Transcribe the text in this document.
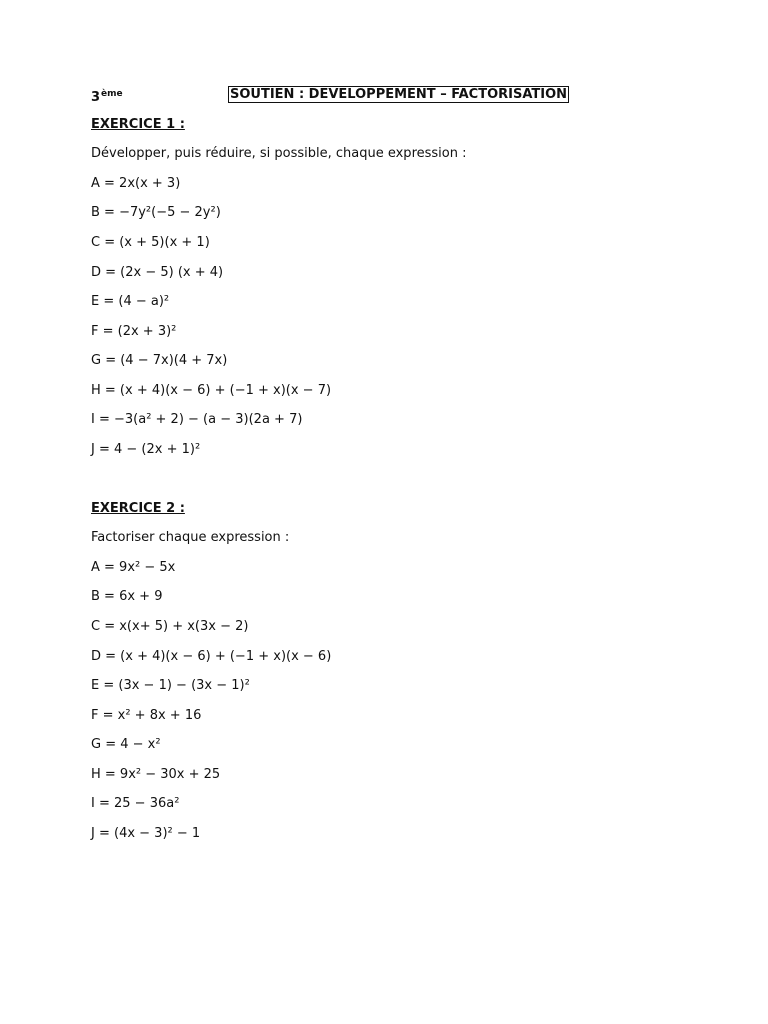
3ème	SOUTIEN : DEVELOPPEMENT – FACTORISATION
EXERCICE 1 :
Développer, puis réduire, si possible, chaque expression :
A = 2x(x + 3)
B = −7y²(−5 − 2y²)
C = (x + 5)(x + 1)
D = (2x − 5) (x + 4)
E = (4 − a)²
F = (2x + 3)²
G = (4 − 7x)(4 + 7x)
H = (x + 4)(x − 6) + (−1 + x)(x − 7)
I = −3(a² + 2) − (a − 3)(2a + 7)
J = 4 − (2x + 1)²
EXERCICE 2 :
Factoriser chaque expression :
A = 9x² − 5x
B = 6x + 9
C = x(x+ 5) + x(3x − 2)
D = (x + 4)(x − 6) + (−1 + x)(x − 6)
E = (3x − 1) − (3x − 1)²
F = x² + 8x + 16
G = 4 − x²
H = 9x² − 30x + 25
I = 25 − 36a²
J = (4x − 3)² − 1
